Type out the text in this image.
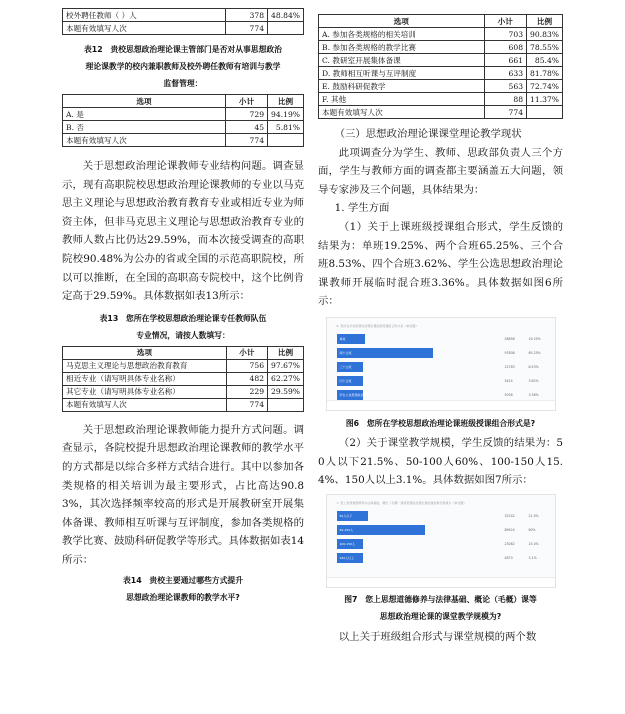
校外聘任教师（ ）人	378	48.84%
本题有效填写人次	774	
表12　贵校思想政治理论课主管部门是否对从事思想政治
理论课教学的校内兼职教师及校外聘任教师有培训与教学
监督管理：
选项	小计	比例
A. 是	729	94.19%
B. 否	45	5.81%
本题有效填写人次	774	

关于思想政治理论课教师专业结构问题。调查显示，现有高职院校思想政治理论课教师的专业以马克思主义理论与思想政治教育教育专业或相近专业为师资主体，但非马克思主义理论与思想政治教育专业的教师人数占比仍达29.59%，而本次接受调查的高职院校90.48%为公办的省或全国的示范高职院校，所以可以推断，在全国的高职高专院校中，这个比例肯定高于29.59%。具体数据如表13所示：

表13　您所在学校思想政治理论课专任教师队伍
专业情况，请按人数填写：
选项	小计	比例
马克思主义理论与思想政治教育教育	756	97.67%
相近专业（请写明具体专业名称）	482	62.27%
其它专业（请写明具体专业名称）	229	29.59%
本题有效填写人次	774	

关于思想政治理论课教师能力提升方式问题。调查显示，各院校提升思想政治理论课教师的教学水平的方式都是以综合多样方式结合进行。其中以参加各类规格的相关培训为最主要形式，占比高达90.83%，其次选择频率较高的形式是开展教研室开展集体备课、教师相互听课与互评制度，参加各类规格的教学比赛、鼓励科研促教学等形式。具体数据如表14所示：

表14　贵校主要通过哪些方式提升
思想政治理论课教师的教学水平?
选项	小计	比例
A. 参加各类规格的相关培训	703	90.83%
B. 参加各类规格的教学比赛	608	78.55%
C. 教研室开展集体备课	661	85.4%
D. 教师相互听课与互评制度	633	81.78%
E. 鼓励科研促教学	563	72.74%
F. 其他	88	11.37%
本题有效填写人次	774	
（三）思想政治理论课课堂理论教学现状

此项调查分为学生、教师、思政部负责人三个方面，学生与教师方面的调查都主要涵盖五大问题，领导专家涉及三个问题，具体结果为：

1. 学生方面

（1）关于上课班级授课组合形式，学生反馈的结果为：单班19.25%、两个合班65.25%、三个合班8.53%、四个合班3.62%、学生公选思想政治理论课教师开展临时混合班3.36%。具体数据如图6所示：

6. 您所在学校思想政治理论课班级授课组合形式是（单选题）
单班	28856	19.25%
两个合班	97808	65.25%
三个合班	12783	8.53%
四个合班	5424	3.62%
学生公选思想政治理论课教师开展临时混合班	5036	3.36%
图6　您所在学校思想政治理论课班级授课组合形式是?

（2）关于课堂教学规模，学生反馈的结果为：50人以下21.5%、50-100人60%、100-150人15.4%、150人以上3.1%。具体数据如图7所示：

7. 您上思想道德修养与法律基础、概论（毛概）课等思想政治理论课的课堂教学规模为（单选题）
50人以下	32242	21.5%
50-100人	89924	60%
100-150人	23082	15.4%
150人以上	4670	3.1%
图7　您上思想道德修养与法律基础、概论（毛概）课等
思想政治理论课的课堂教学规模为?

以上关于班级组合形式与课堂规模的两个数
